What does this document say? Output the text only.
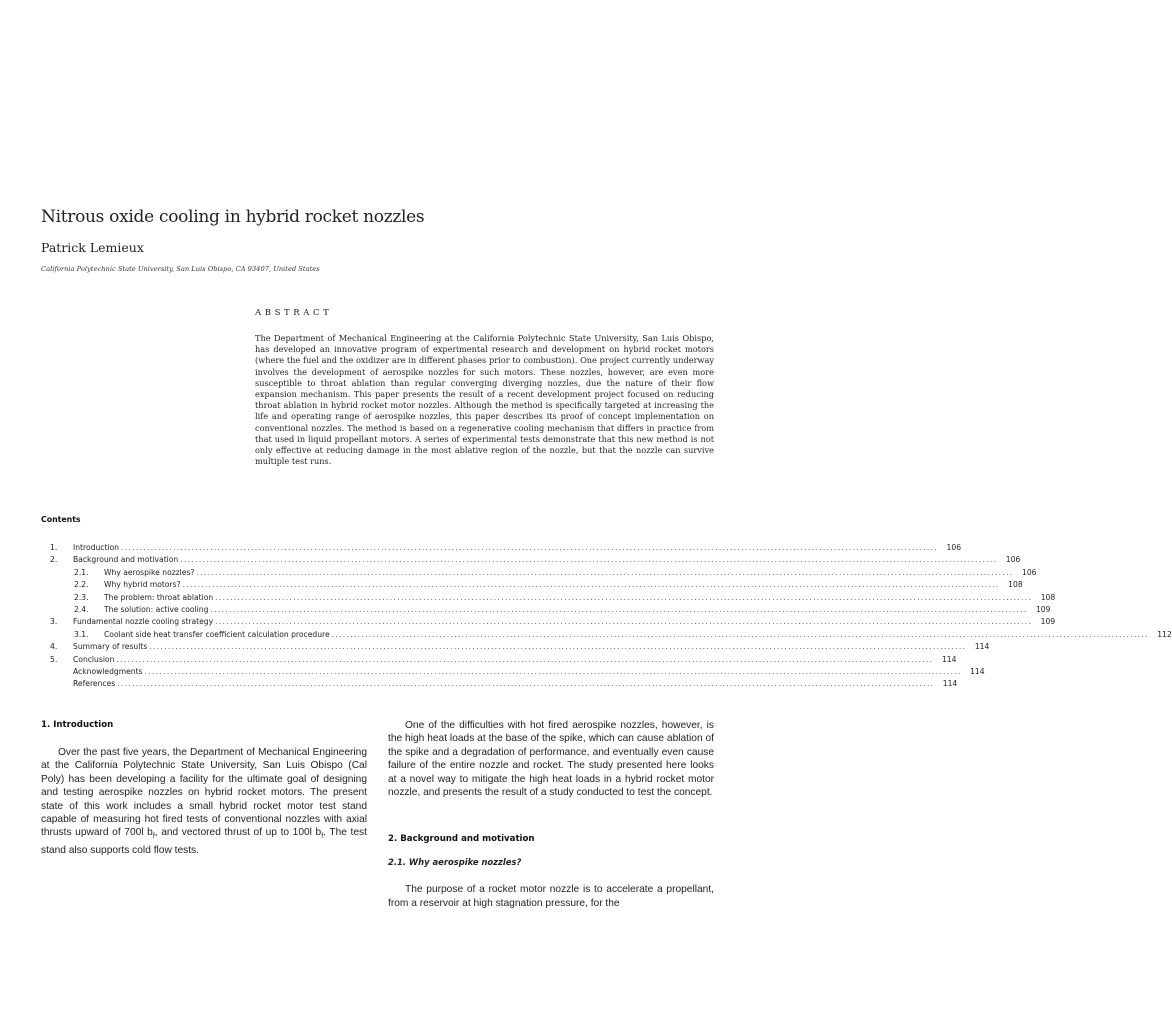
Nitrous oxide cooling in hybrid rocket nozzles
Patrick Lemieux
California Polytechnic State University, San Luis Obispo, CA 93407, United States
ABSTRACT

The Department of Mechanical Engineering at the California Polytechnic State University, San Luis Obispo, has developed an innovative program of experimental research and development on hybrid rocket motors (where the fuel and the oxidizer are in different phases prior to combustion). One project currently underway involves the development of aerospike nozzles for such motors. These nozzles, however, are even more susceptible to throat ablation than regular converging diverging nozzles, due the nature of their flow expansion mechanism. This paper presents the result of a recent development project focused on reducing throat ablation in hybrid rocket motor nozzles. Although the method is specifically targeted at increasing the life and operating range of aerospike nozzles, this paper describes its proof of concept implementation on conventional nozzles. The method is based on a regenerative cooling mechanism that differs in practice from that used in liquid propellant motors. A series of experimental tests demonstrate that this new method is not only effective at reducing damage in the most ablative region of the nozzle, but that the nozzle can survive multiple test runs.

Contents
1.	Introduction ............................................................................................................................................................................................................................	106
2.	Background and motivation ............................................................................................................................................................................................................................	106
2.1.	Why aerospike nozzles? ............................................................................................................................................................................................................................	106
2.2.	Why hybrid motors? ............................................................................................................................................................................................................................	108
2.3.	The problem: throat ablation ............................................................................................................................................................................................................................	108
2.4.	The solution: active cooling ............................................................................................................................................................................................................................	109
3.	Fundamental nozzle cooling strategy ............................................................................................................................................................................................................................	109
3.1.	Coolant side heat transfer coefficient calculation procedure ............................................................................................................................................................................................................................	112
4.	Summary of results ............................................................................................................................................................................................................................	114
5.	Conclusion ............................................................................................................................................................................................................................	114
Acknowledgments ............................................................................................................................................................................................................................	114
References ............................................................................................................................................................................................................................	114
1. Introduction

Over the past five years, the Department of Mechanical Engineering at the California Polytechnic State University, San Luis Obispo (Cal Poly) has been developing a facility for the ultimate goal of designing and testing aerospike nozzles on hybrid rocket motors. The present state of this work includes a small hybrid rocket motor test stand capable of measuring hot fired tests of conventional nozzles with axial thrusts upward of 700l $b_f$, and vectored thrust of up to 100l $b_f$. The test stand also supports cold flow tests.

One of the difficulties with hot fired aerospike nozzles, however, is the high heat loads at the base of the spike, which can cause ablation of the spike and a degradation of performance, and eventually even cause failure of the entire nozzle and rocket. The study presented here looks at a novel way to mitigate the high heat loads in a hybrid rocket motor nozzle, and presents the result of a study conducted to test the concept.

2. Background and motivation
2.1. Why aerospike nozzles?

The purpose of a rocket motor nozzle is to accelerate a propellant, from a reservoir at high stagnation pressure, for the
